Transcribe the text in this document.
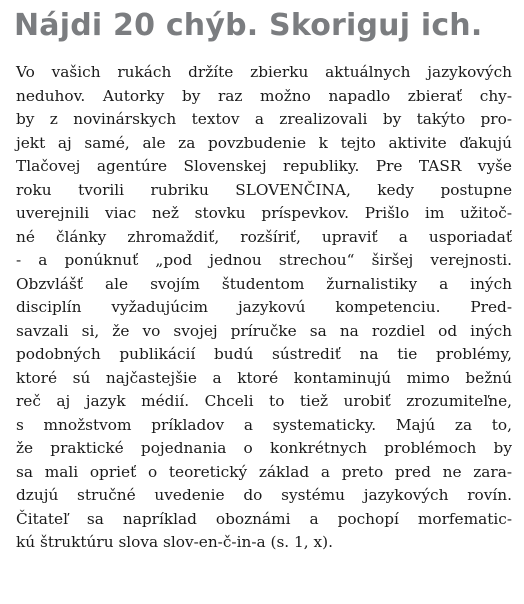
Nájdi 20 chýb. Skoriguj ich.
Vo vašich rukách držíte zbierku aktuálnych jazykových
neduhov. Autorky by raz možno napadlo zbierať chy-
by z novinárskych textov a zrealizovali by takýto pro-
jekt aj samé, ale za povzbudenie k tejto aktivite ďakujú
Tlačovej agentúre Slovenskej republiky. Pre TASR vyše
roku tvorili rubriku SLOVENČINA, kedy postupne
uverejnili viac než stovku príspevkov. Prišlo im užitoč-
né články zhromaždiť, rozšíriť, upraviť a usporiadať
- a ponúknuť „pod jednou strechou“ širšej verejnosti.
Obzvlášť ale svojím študentom žurnalistiky a iných
disciplín vyžadujúcim jazykovú kompetenciu. Pred-
savzali si, že vo svojej príručke sa na rozdiel od iných
podobných publikácií budú sústrediť na tie problémy,
ktoré sú najčastejšie a ktoré kontaminujú mimo bežnú
reč aj jazyk médií. Chceli to tiež urobiť zrozumiteľne,
s množstvom príkladov a systematicky. Majú za to,
že praktické pojednania o konkrétnych problémoch by
sa mali oprieť o teoretický základ a preto pred ne zara-
dzujú stručné uvedenie do systému jazykových rovín.
Čitateľ sa napríklad oboznámi a pochopí morfematic-
kú štruktúru slova slov-en-č-in-a (s. 1, x).
